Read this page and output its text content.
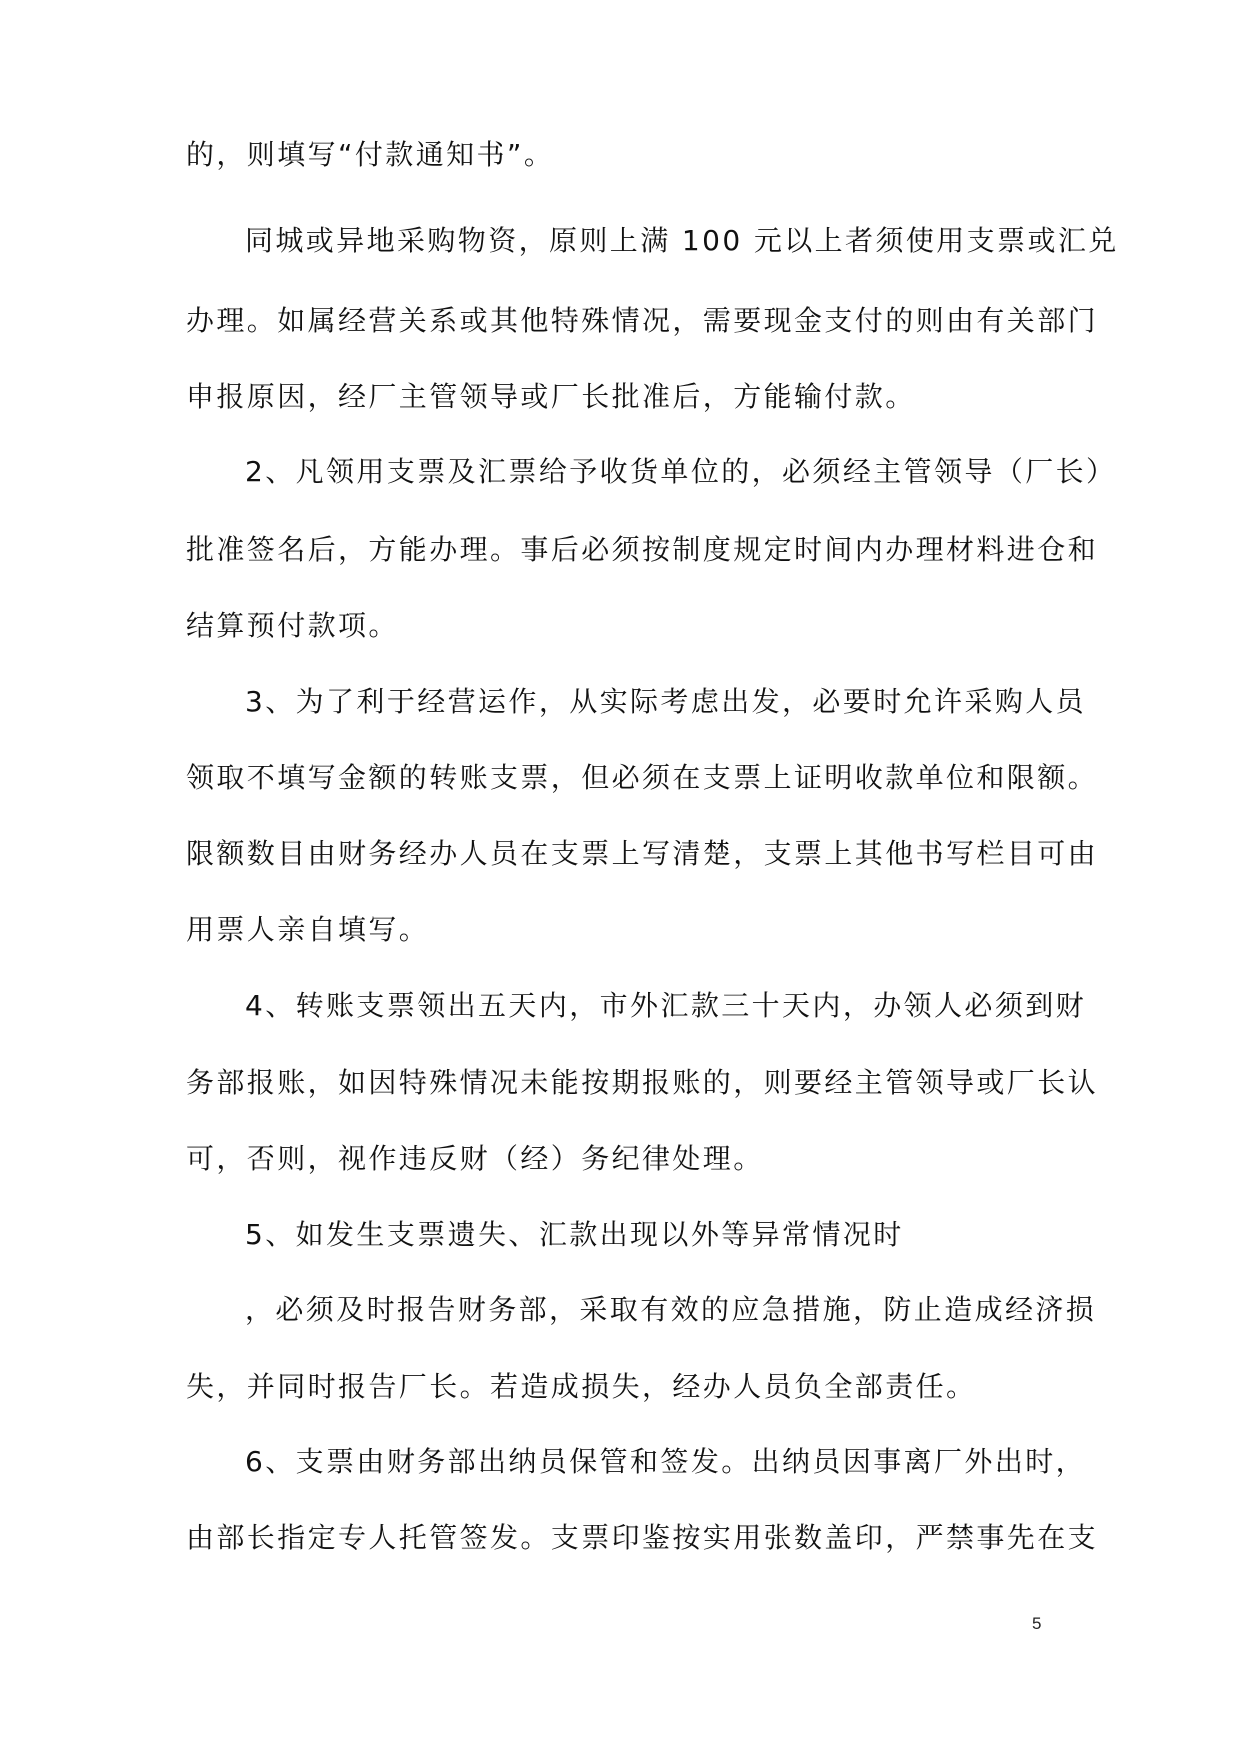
的，则填写“付款通知书”。
同城或异地采购物资，原则上满 100 元以上者须使用支票或汇兑
办理。如属经营关系或其他特殊情况，需要现金支付的则由有关部门
申报原因，经厂主管领导或厂长批准后，方能输付款。
2、凡领用支票及汇票给予收货单位的，必须经主管领导（厂长）
批准签名后，方能办理。事后必须按制度规定时间内办理材料进仓和
结算预付款项。
3、为了利于经营运作，从实际考虑出发，必要时允许采购人员
领取不填写金额的转账支票，但必须在支票上证明收款单位和限额。
限额数目由财务经办人员在支票上写清楚，支票上其他书写栏目可由
用票人亲自填写。
4、转账支票领出五天内，市外汇款三十天内，办领人必须到财
务部报账，如因特殊情况未能按期报账的，则要经主管领导或厂长认
可，否则，视作违反财（经）务纪律处理。
5、如发生支票遗失、汇款出现以外等异常情况时
，必须及时报告财务部，采取有效的应急措施，防止造成经济损
失，并同时报告厂长。若造成损失，经办人员负全部责任。
6、支票由财务部出纳员保管和签发。出纳员因事离厂外出时，
由部长指定专人托管签发。支票印鉴按实用张数盖印，严禁事先在支
5
